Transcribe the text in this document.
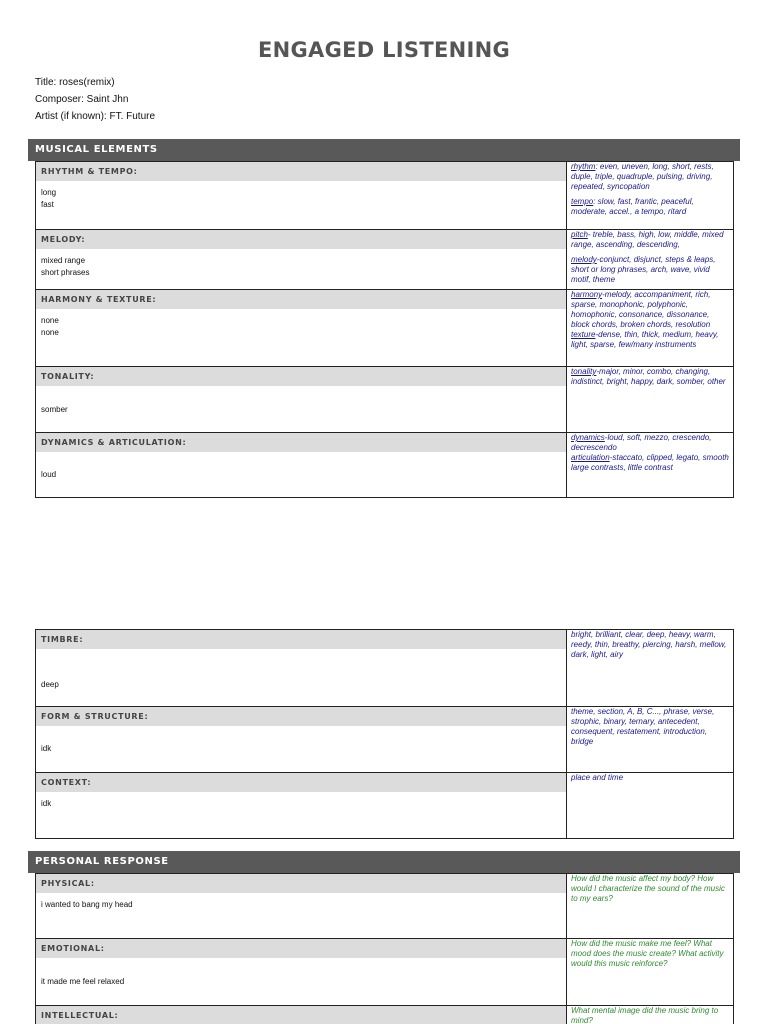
ENGAGED LISTENING
Title: roses(remix)
Composer: Saint Jhn
Artist (if known): FT. Future
MUSICAL ELEMENTS
RHYTHM & TEMPO:
long
fast

rhythm: even, uneven, long, short, rests, duple, triple, quadruple, pulsing, driving, repeated, syncopation

tempo: slow, fast, frantic, peaceful, moderate, accel., a tempo, ritard

MELODY:
mixed range
short phrases

pitch- treble, bass, high, low, middle, mixed range, ascending, descending,

melody-conjunct, disjunct, steps & leaps, short or long phrases, arch, wave, vivid motif, theme

HARMONY & TEXTURE:
none
none

harmony-melody, accompaniment, rich, sparse, monophonic, polyphonic, homophonic, consonance, dissonance, block chords, broken chords, resolution texture-dense, thin, thick, medium, heavy, light, sparse, few/many instruments

TONALITY:
somber

tonality-major, minor, combo, changing, indistinct, bright, happy, dark, somber, other

DYNAMICS & ARTICULATION:
loud

dynamics-loud, soft, mezzo, crescendo, decrescendo

articulation-staccato, clipped, legato, smooth

large contrasts, little contrast

TIMBRE:
deep

bright, brilliant, clear, deep, heavy, warm, reedy, thin, breathy, piercing, harsh, mellow, dark, light, airy

FORM & STRUCTURE:
idk

theme, section, A, B, C..., phrase, verse, strophic, binary, ternary, antecedent, consequent, restatement, introduction, bridge

CONTEXT:
idk

place and time

PERSONAL RESPONSE
PHYSICAL:
i wanted to bang my head

How did the music affect my body? How would I characterize the sound of the music to my ears?

EMOTIONAL:
it made me feel relaxed

How did the music make me feel? What mood does the music create? What activity would this music reinforce?

INTELLECTUAL:

What mental image did the music bring to mind?
